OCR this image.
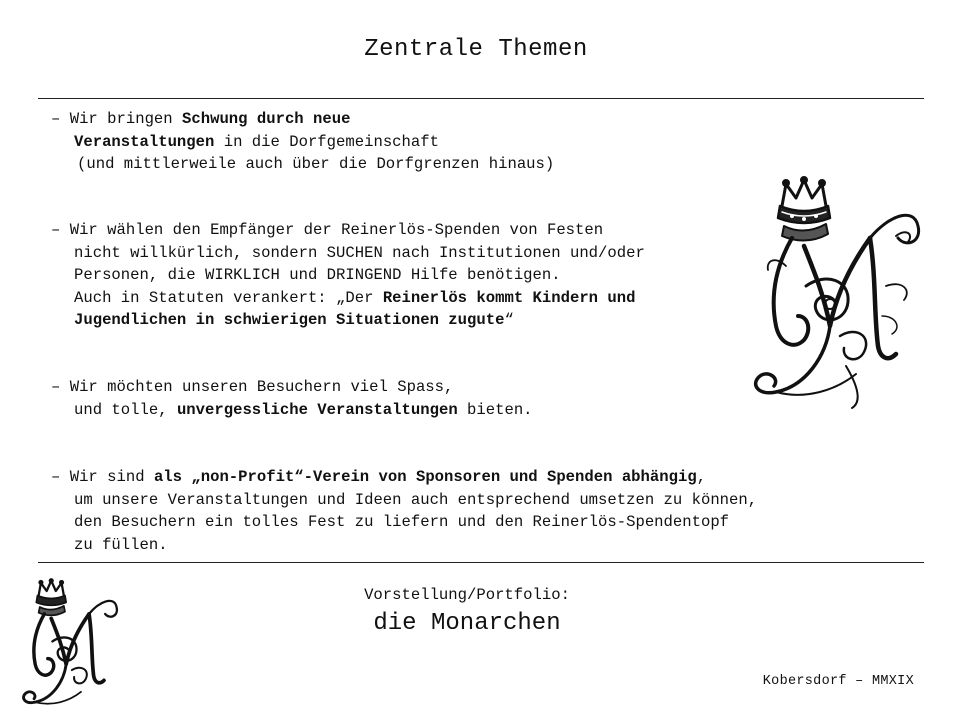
Zentrale Themen
– Wir bringen Schwung durch neue
Veranstaltungen in die Dorfgemeinschaft
(und mittlerweile auch über die Dorfgrenzen hinaus)
– Wir wählen den Empfänger der Reinerlös-Spenden von Festen
nicht willkürlich, sondern SUCHEN nach Institutionen und/oder
Personen, die WIRKLICH und DRINGEND Hilfe benötigen.
Auch in Statuten verankert: „Der Reinerlös kommt Kindern und
Jugendlichen in schwierigen Situationen zugute“
– Wir möchten unseren Besuchern viel Spass,
und tolle, unvergessliche Veranstaltungen bieten.
– Wir sind als „non-Profit“-Verein von Sponsoren und Spenden abhängig,
um unsere Veranstaltungen und Ideen auch entsprechend umsetzen zu können,
den Besuchern ein tolles Fest zu liefern und den Reinerlös-Spendentopf
zu füllen.
Vorstellung/Portfolio:
die Monarchen
Kobersdorf – MMXIX
